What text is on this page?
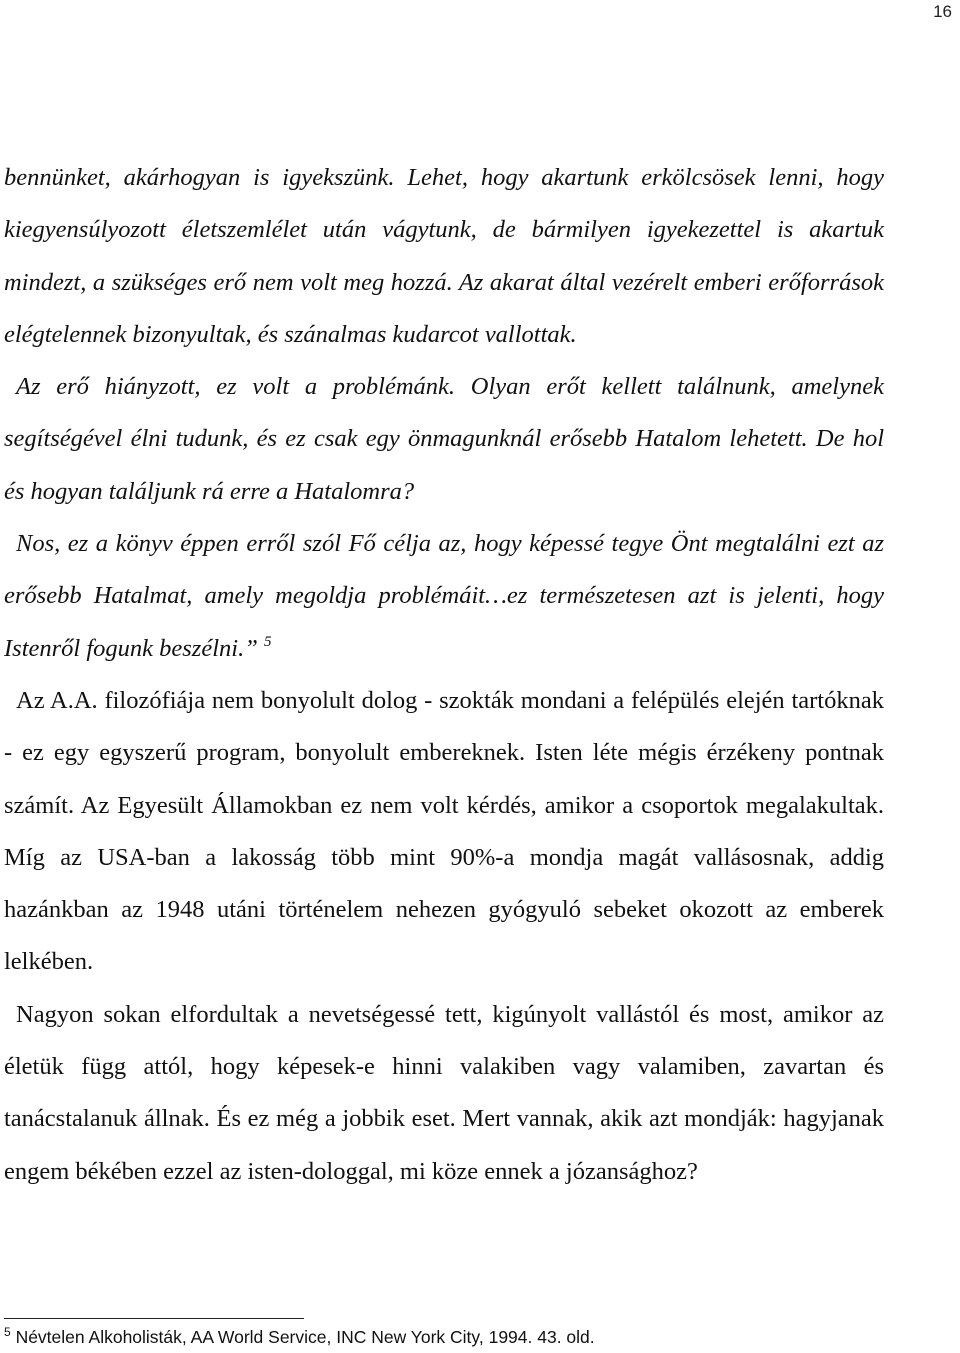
16

bennünket, akárhogyan is igyekszünk. Lehet, hogy akartunk erkölcsösek lenni, hogy kiegyensúlyozott életszemlélet után vágytunk, de bármilyen igyekezettel is akartuk mindezt, a szükséges erő nem volt meg hozzá. Az akarat által vezérelt emberi erőforrások elégtelennek bizonyultak, és szánalmas kudarcot vallottak.

Az erő hiányzott, ez volt a problémánk. Olyan erőt kellett találnunk, amelynek segítségével élni tudunk, és ez csak egy önmagunknál erősebb Hatalom lehetett. De hol és hogyan találjunk rá erre a Hatalomra?

Nos, ez a könyv éppen erről szól Fő célja az, hogy képessé tegye Önt megtalálni ezt az erősebb Hatalmat, amely megoldja problémáit…ez természetesen azt is jelenti, hogy Istenről fogunk beszélni.” $^5$

Az A.A. filozófiája nem bonyolult dolog - szokták mondani a felépülés elején tartóknak - ez egy egyszerű program, bonyolult embereknek. Isten léte mégis érzékeny pontnak számít. Az Egyesült Államokban ez nem volt kérdés, amikor a csoportok megalakultak. Míg az USA-ban a lakosság több mint 90%-a mondja magát vallásosnak, addig hazánkban az 1948 utáni történelem nehezen gyógyuló sebeket okozott az emberek lelkében.

Nagyon sokan elfordultak a nevetségessé tett, kigúnyolt vallástól és most, amikor az életük függ attól, hogy képesek-e hinni valakiben vagy valamiben, zavartan és tanácstalanuk állnak. És ez még a jobbik eset. Mert vannak, akik azt mondják: hagyjanak engem békében ezzel az isten-dologgal, mi köze ennek a józansághoz?

$^5$ Névtelen Alkoholisták, AA World Service, INC New York City, 1994. 43. old.
